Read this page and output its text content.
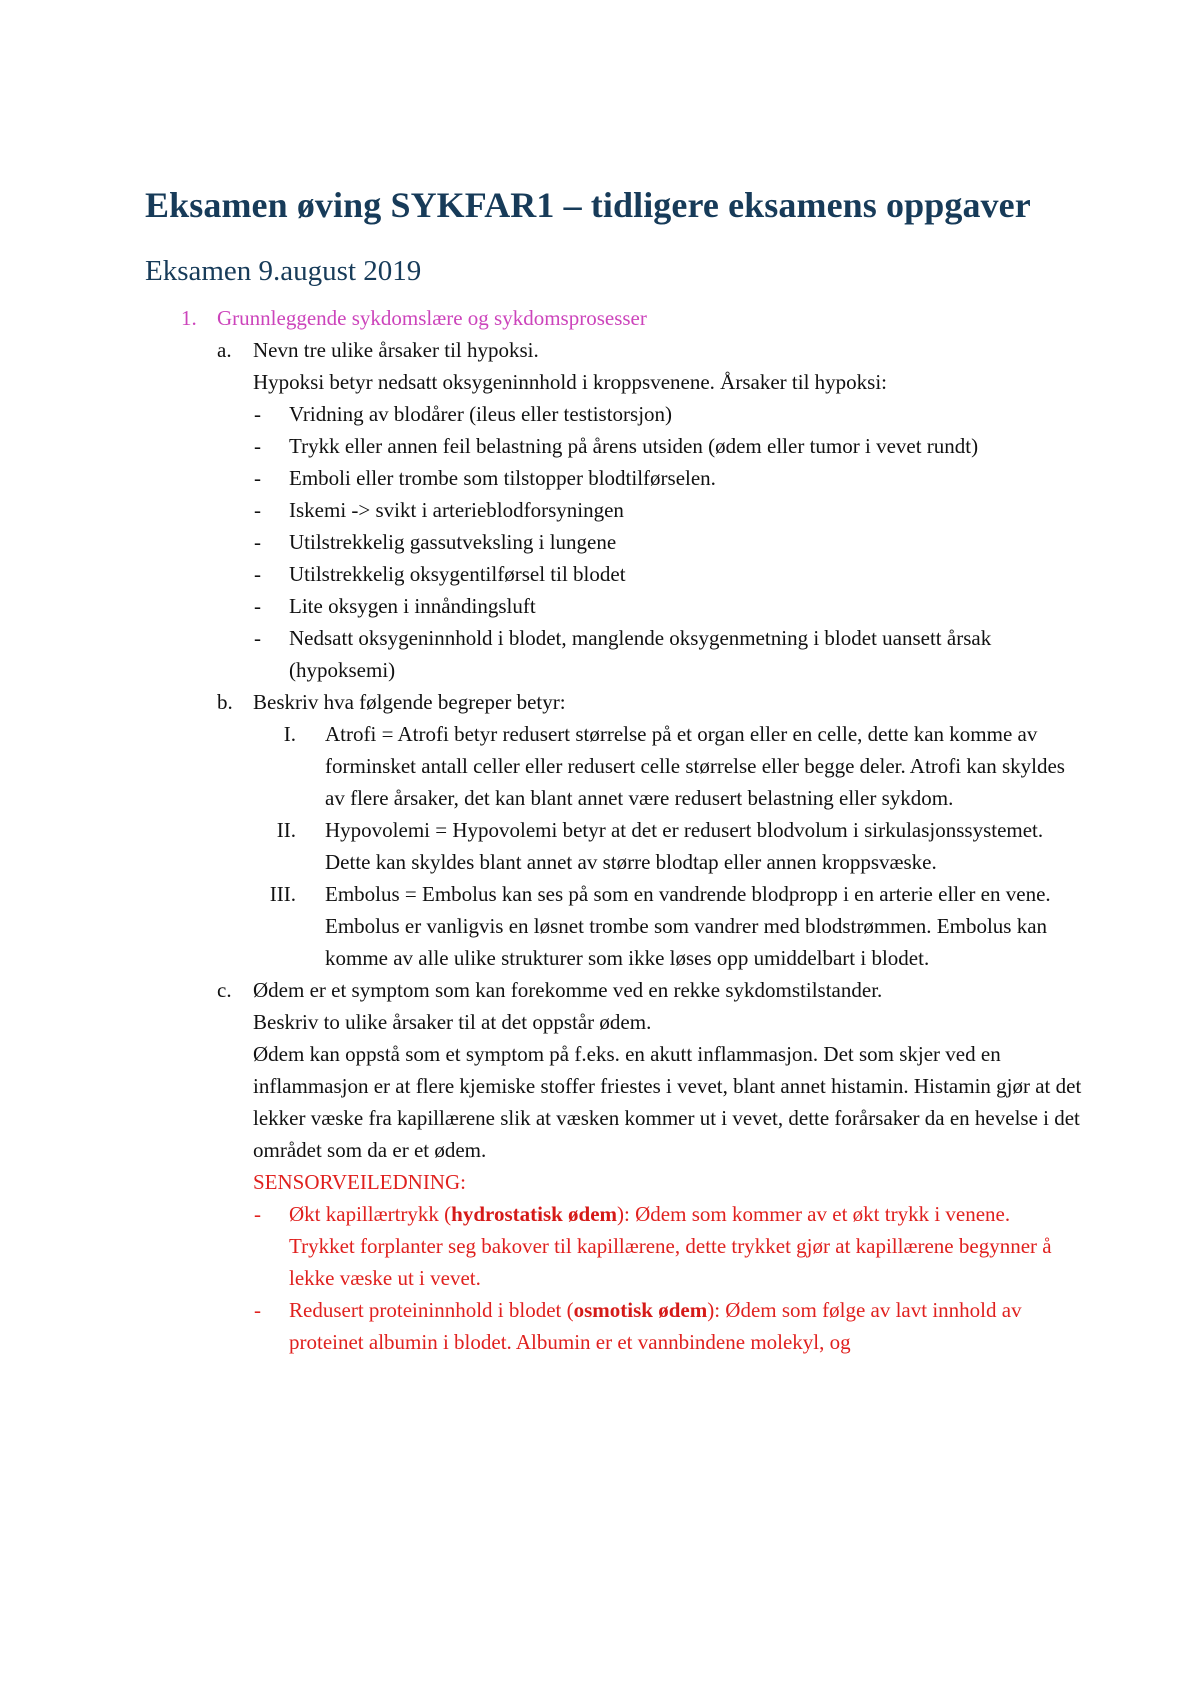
Eksamen øving SYKFAR1 – tidligere eksamens oppgaver
Eksamen 9.august 2019
1. Grunnleggende sykdomslære og sykdomsprosesser
a. Nevn tre ulike årsaker til hypoksi.
Hypoksi betyr nedsatt oksygeninnhold i kroppsvenene. Årsaker til hypoksi:
- Vridning av blodårer (ileus eller testistorsjon)
- Trykk eller annen feil belastning på årens utsiden (ødem eller tumor i vevet rundt)
- Emboli eller trombe som tilstopper blodtilførselen.
- Iskemi -> svikt i arterieblodforsyningen
- Utilstrekkelig gassutveksling i lungene
- Utilstrekkelig oksygentilførsel til blodet
- Lite oksygen i innåndingsluft
- Nedsatt oksygeninnhold i blodet, manglende oksygenmetning i blodet uansett årsak (hypoksemi)
b. Beskriv hva følgende begreper betyr:
I. Atrofi = Atrofi betyr redusert størrelse på et organ eller en celle, dette kan komme av forminsket antall celler eller redusert celle størrelse eller begge deler. Atrofi kan skyldes av flere årsaker, det kan blant annet være redusert belastning eller sykdom.
II. Hypovolemi = Hypovolemi betyr at det er redusert blodvolum i sirkulasjonssystemet. Dette kan skyldes blant annet av større blodtap eller annen kroppsvæske.
III. Embolus = Embolus kan ses på som en vandrende blodpropp i en arterie eller en vene. Embolus er vanligvis en løsnet trombe som vandrer med blodstrømmen. Embolus kan komme av alle ulike strukturer som ikke løses opp umiddelbart i blodet.
c. Ødem er et symptom som kan forekomme ved en rekke sykdomstilstander.
Beskriv to ulike årsaker til at det oppstår ødem.
Ødem kan oppstå som et symptom på f.eks. en akutt inflammasjon. Det som skjer ved en inflammasjon er at flere kjemiske stoffer friestes i vevet, blant annet histamin. Histamin gjør at det lekker væske fra kapillærene slik at væsken kommer ut i vevet, dette forårsaker da en hevelse i det området som da er et ødem.
SENSORVEILEDNING:
- Økt kapillærtrykk (hydrostatisk ødem): Ødem som kommer av et økt trykk i venene. Trykket forplanter seg bakover til kapillærene, dette trykket gjør at kapillærene begynner å lekke væske ut i vevet.
- Redusert proteininnhold i blodet (osmotisk ødem): Ødem som følge av lavt innhold av proteinet albumin i blodet. Albumin er et vannbindene molekyl, og
